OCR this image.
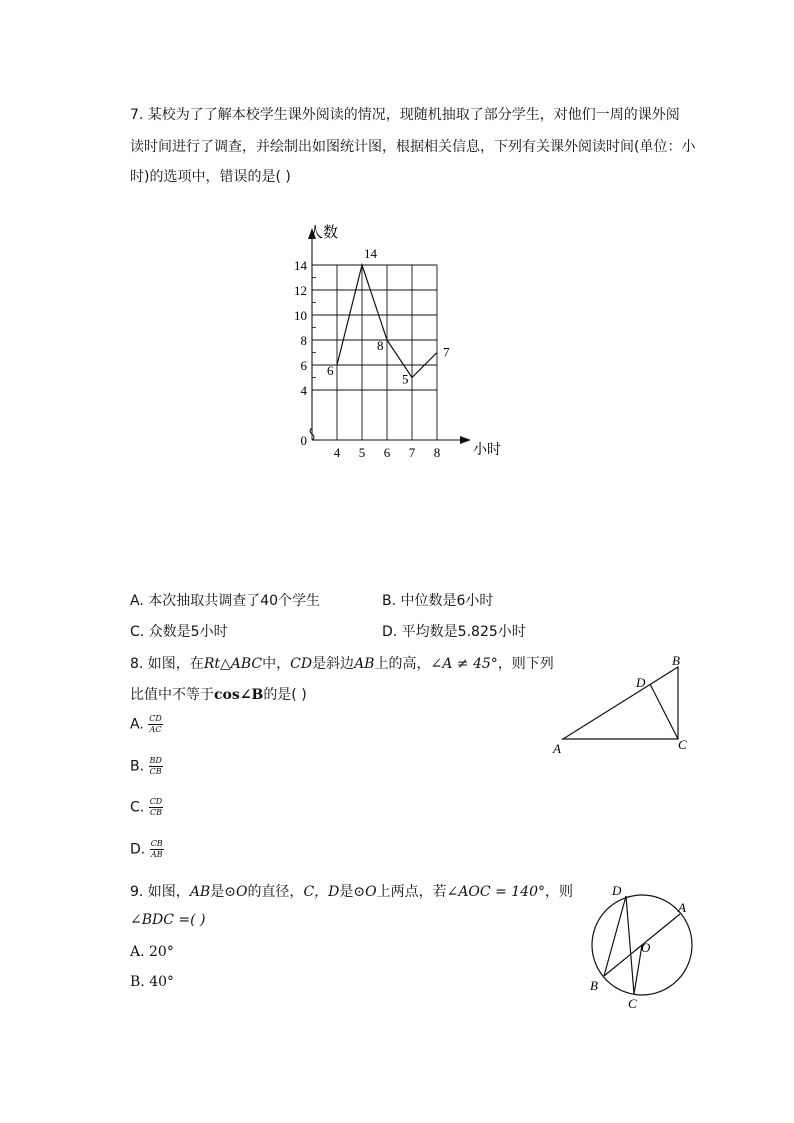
7. 某校为了了解本校学生课外阅读的情况，现随机抽取了部分学生，对他们一周的课外阅
读时间进行了调查，并绘制出如图统计图，根据相关信息，下列有关课外阅读时间(单位：小
时)的选项中，错误的是( )
0
4
6
8
10
12
14
4 5 6 7 8
6
14
8
5
7
人数
小时
A. 本次抽取共调查了40个学生	B. 中位数是6小时
C. 众数是5小时	D. 平均数是5.825小时
8. 如图，在Rt△ABC中，CD是斜边AB上的高，∠A ≠ 45°，则下列
比值中不等于cos∠B的是( )
A. $\frac{CD}{AC}$
B. $\frac{BD}{CB}$
C. $\frac{CD}{CB}$
D. $\frac{CB}{AB}$
A
B
C
D
9. 如图，AB是⊙O的直径，C，D是⊙O上两点，若∠AOC = 140°，则
∠BDC =( )
A. 20°
B. 40°
D
A
O
B
C
